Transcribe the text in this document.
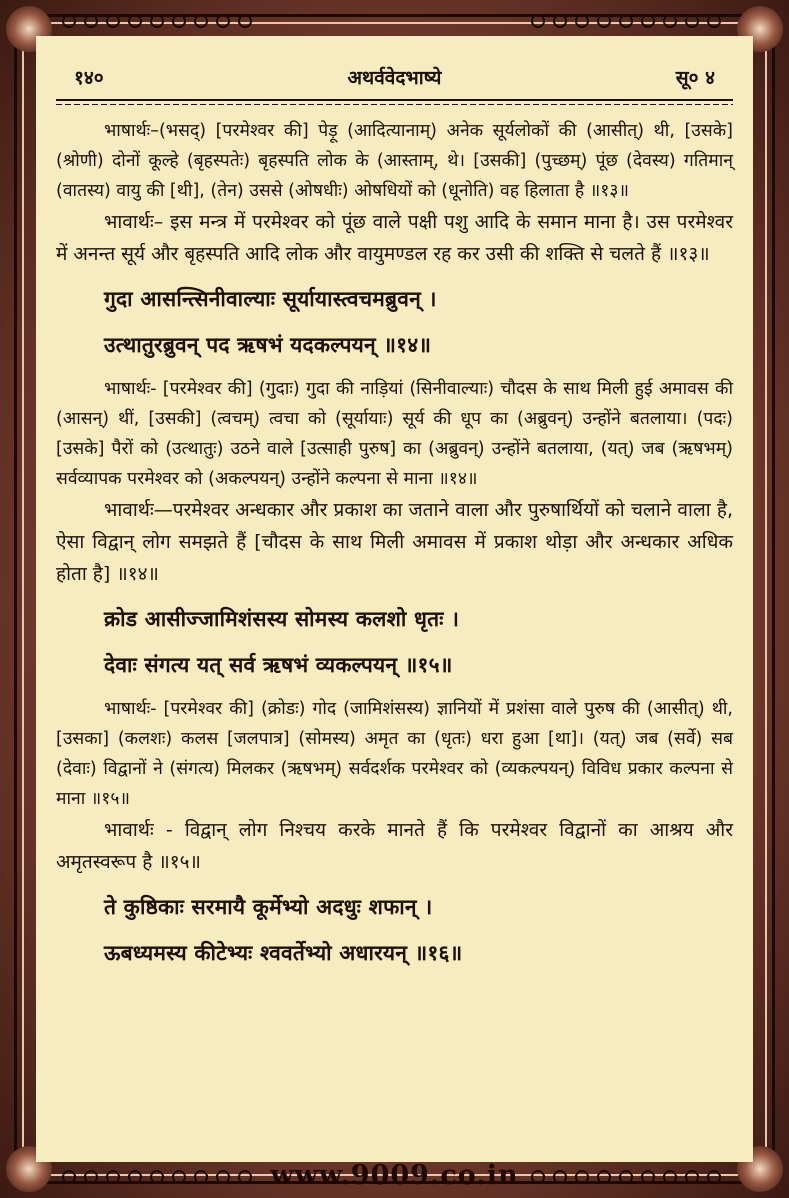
१४०	अथर्ववेदभाष्ये	सू० ४

भाषार्थः–(भसद्) [परमेश्वर की] पेड़ू (आदित्यानाम्) अनेक सूर्यलोकों की (आसीत्) थी, [उसके] (श्रोणी) दोनों कूल्हे (बृहस्पतेः) बृहस्पति लोक के (आस्ताम्, थे। [उसकी] (पुच्छम्) पूंछ (देवस्य) गतिमान् (वातस्य) वायु की [थी], (तेन) उससे (ओषधीः) ओषधियों को (धूनोति) वह हिलाता है ॥१३॥

भावार्थः– इस मन्त्र में परमेश्वर को पूंछ वाले पक्षी पशु आदि के समान माना है। उस परमेश्वर में अनन्त सूर्य और बृहस्पति आदि लोक और वायुमण्डल रह कर उसी की शक्ति से चलते हैं ॥१३॥

गुदा आसन्त्सिनीवाल्याः सूर्यायास्त्वचमब्रुवन् ।

उत्थातुरब्रुवन् पद ऋषभं यदकल्पयन् ॥१४॥

भाषार्थः- [परमेश्वर की] (गुदाः) गुदा की नाड़ियां (सिनीवाल्याः) चौदस के साथ मिली हुई अमावस की (आसन्) थीं, [उसकी] (त्वचम्) त्वचा को (सूर्यायाः) सूर्य की धूप का (अब्रुवन्) उन्होंने बतलाया। (पदः) [उसके] पैरों को (उत्थातुः) उठने वाले [उत्साही पुरुष] का (अब्रुवन्) उन्होंने बतलाया, (यत्) जब (ऋषभम्) सर्वव्यापक परमेश्वर को (अकल्पयन्) उन्होंने कल्पना से माना ॥१४॥

भावार्थः—परमेश्वर अन्धकार और प्रकाश का जताने वाला और पुरुषार्थियों को चलाने वाला है, ऐसा विद्वान् लोग समझते हैं [चौदस के साथ मिली अमावस में प्रकाश थोड़ा और अन्धकार अधिक होता है] ॥१४॥

क्रोड आसीज्जामिशंसस्य सोमस्य कलशो धृतः ।

देवाः संगत्य यत् सर्व ऋषभं व्यकल्पयन् ॥१५॥

भाषार्थः- [परमेश्वर की] (क्रोडः) गोद (जामिशंसस्य) ज्ञानियों में प्रशंसा वाले पुरुष की (आसीत्) थी, [उसका] (कलशः) कलस [जलपात्र] (सोमस्य) अमृत का (धृतः) धरा हुआ [था]। (यत्) जब (सर्वे) सब (देवाः) विद्वानों ने (संगत्य) मिलकर (ऋषभम्) सर्वदर्शक परमेश्वर को (व्यकल्पयन्) विविध प्रकार कल्पना से माना ॥१५॥

भावार्थः - विद्वान् लोग निश्चय करके मानते हैं कि परमेश्वर विद्वानों का आश्रय और अमृतस्वरूप है ॥१५॥

ते कुष्ठिकाः सरमायै कूर्मेभ्यो अदधुः शफान् ।

ऊबध्यमस्य कीटेभ्यः श्ववर्तेभ्यो अधारयन् ॥१६॥

www.9009.co.in
